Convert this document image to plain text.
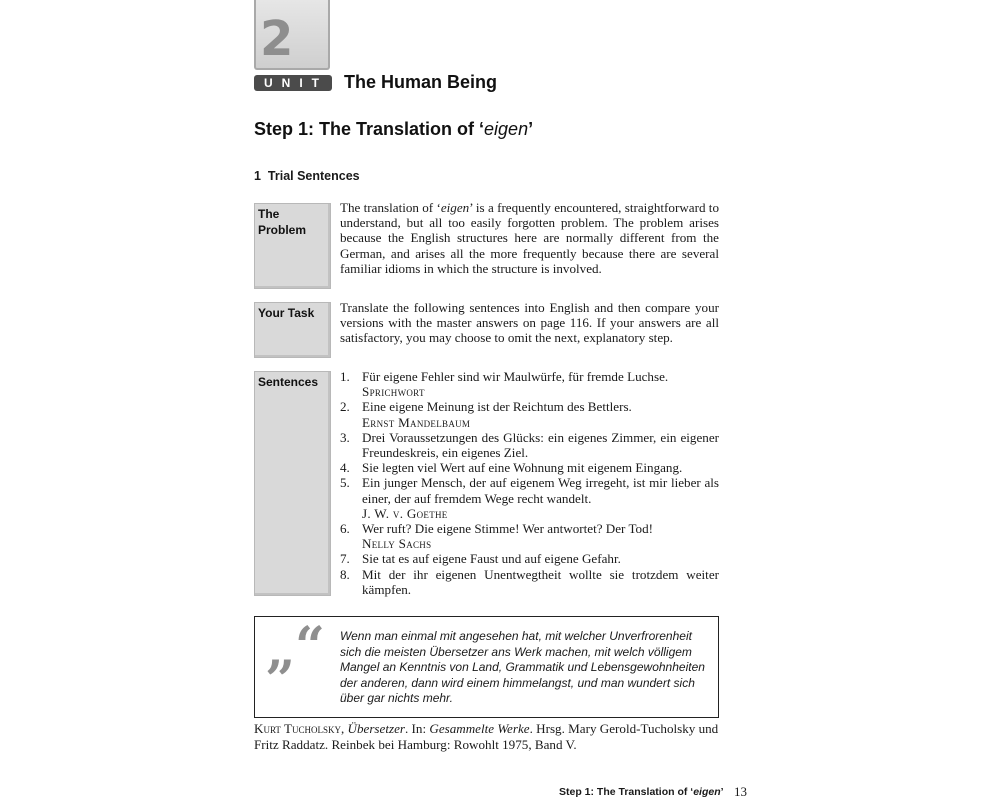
2
UNIT The Human Being
Step 1: The Translation of ‘eigen’
1 Trial Sentences
The
Problem

The translation of ‘eigen’ is a frequently encountered, straightforward to understand, but all too easily forgotten problem. The problem arises because the English structures here are normally different from the German, and arises all the more frequently because there are several familiar idioms in which the structure is involved.

Your Task	Translate the following sentences into English and then compare your versions with the master answers on page 116. If your answers are all satisfactory, you may choose to omit the next, explanatory step.

Sentences	1. Für eigene Fehler sind wir Maulwürfe, für fremde Luchse.
Sprichwort
2. Eine eigene Meinung ist der Reichtum des Bettlers.
Ernst Mandelbaum
3. Drei Voraussetzungen des Glücks: ein eigenes Zimmer, ein eigener Freundeskreis, ein eigenes Ziel.
4. Sie legten viel Wert auf eine Wohnung mit eigenem Eingang.
5. Ein junger Mensch, der auf eigenem Weg irregeht, ist mir lieber als einer, der auf fremdem Wege recht wandelt.
J. W. v. Goethe
6. Wer ruft? Die eigene Stimme! Wer antwortet? Der Tod!
Nelly Sachs
7. Sie tat es auf eigene Faust und auf eigene Gefahr.
8. Mit der ihr eigenen Unentwegtheit wollte sie trotzdem weiter kämpfen.
“
”

Wenn man einmal mit angesehen hat, mit welcher Unverfrorenheit sich die meisten Übersetzer ans Werk machen, mit welch völligem Mangel an Kenntnis von Land, Grammatik und Lebensgewohnheiten der anderen, dann wird einem himmelangst, und man wundert sich über gar nichts mehr.

Kurt Tucholsky, Übersetzer. In: Gesammelte Werke. Hrsg. Mary Gerold-Tucholsky und Fritz Raddatz. Reinbek bei Hamburg: Rowohlt 1975, Band V.

Step 1: The Translation of ‘eigen’ 13
